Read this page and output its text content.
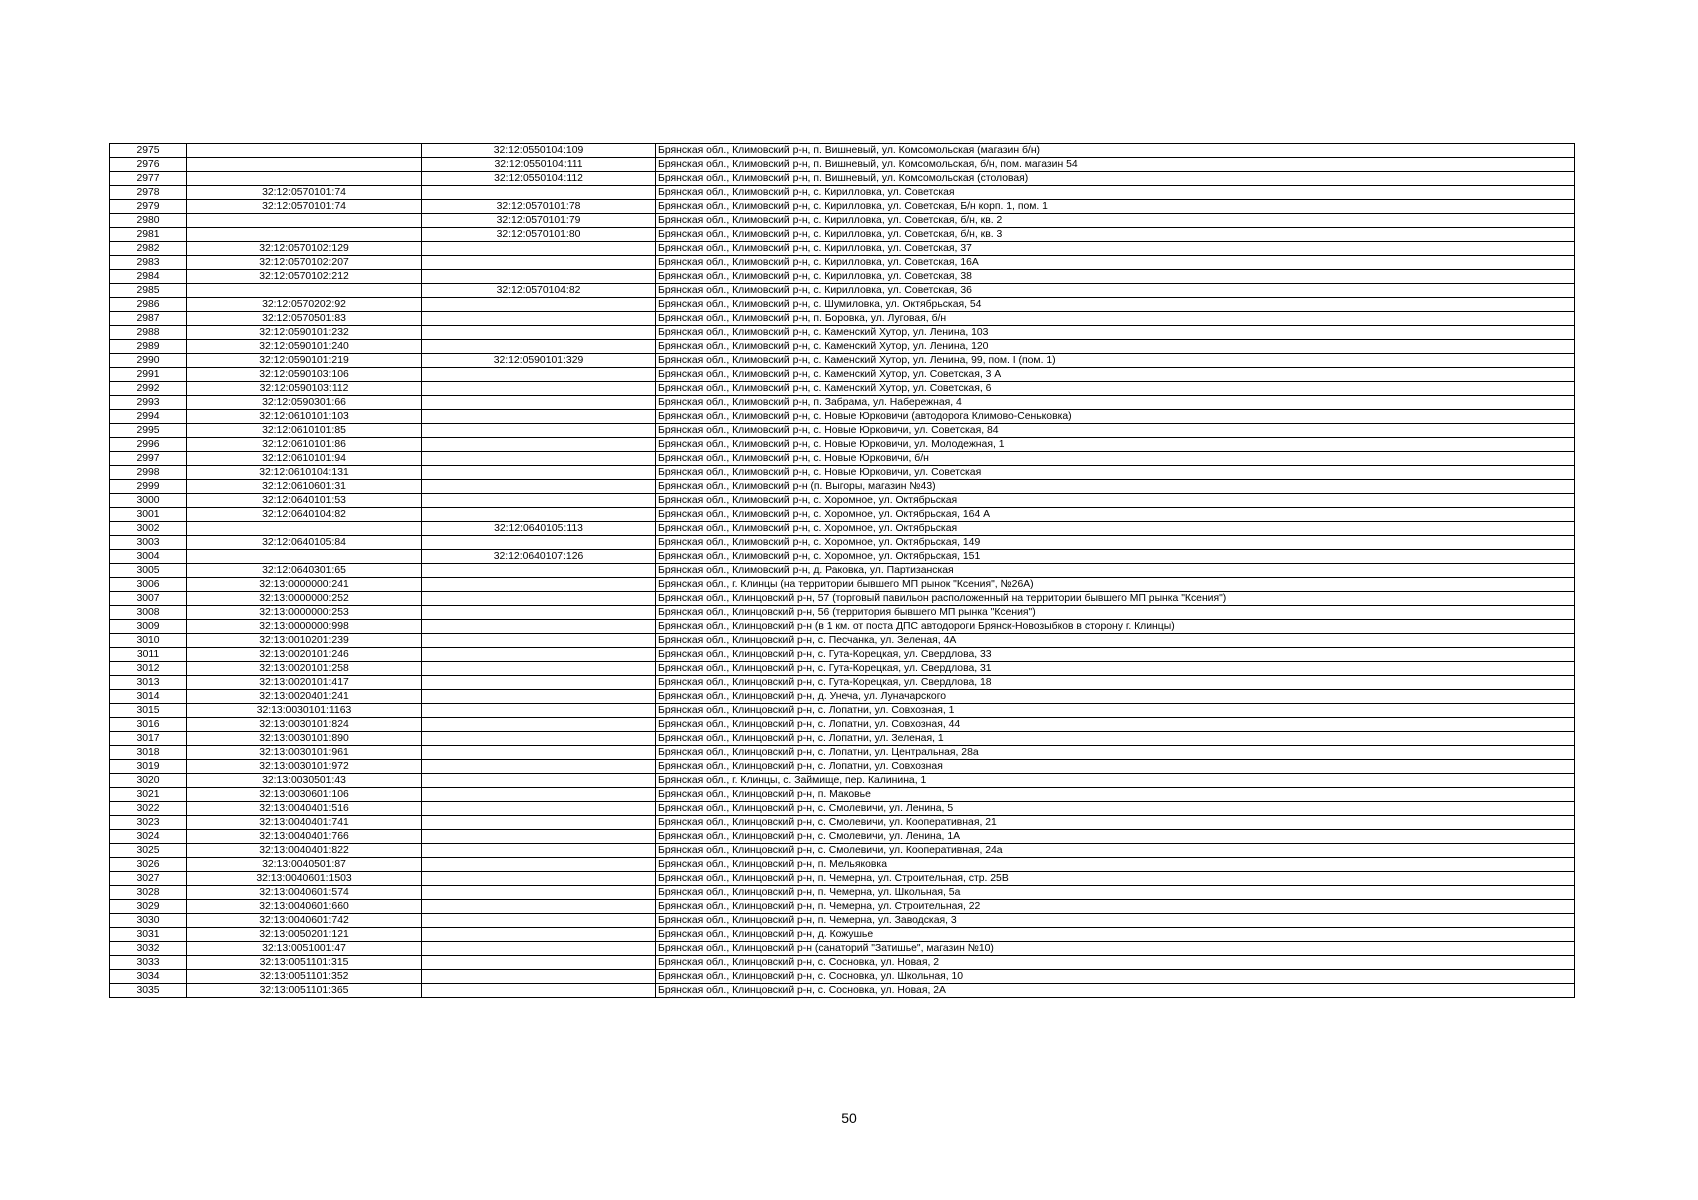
2975		32:12:0550104:109	Брянская обл., Климовский р-н, п. Вишневый, ул. Комсомольская (магазин б/н)
2976		32:12:0550104:111	Брянская обл., Климовский р-н, п. Вишневый, ул. Комсомольская, б/н, пом. магазин 54
2977		32:12:0550104:112	Брянская обл., Климовский р-н, п. Вишневый, ул. Комсомольская (столовая)
2978	32:12:0570101:74		Брянская обл., Климовский р-н, с. Кирилловка, ул. Советская
2979	32:12:0570101:74	32:12:0570101:78	Брянская обл., Климовский р-н, с. Кирилловка, ул. Советская, Б/н корп. 1, пом. 1
2980		32:12:0570101:79	Брянская обл., Климовский р-н, с. Кирилловка, ул. Советская, б/н, кв. 2
2981		32:12:0570101:80	Брянская обл., Климовский р-н, с. Кирилловка, ул. Советская, б/н, кв. 3
2982	32:12:0570102:129		Брянская обл., Климовский р-н, с. Кирилловка, ул. Советская, 37
2983	32:12:0570102:207		Брянская обл., Климовский р-н, с. Кирилловка, ул. Советская, 16А
2984	32:12:0570102:212		Брянская обл., Климовский р-н, с. Кирилловка, ул. Советская, 38
2985		32:12:0570104:82	Брянская обл., Климовский р-н, с. Кирилловка, ул. Советская, 36
2986	32:12:0570202:92		Брянская обл., Климовский р-н, с. Шумиловка, ул. Октябрьская, 54
2987	32:12:0570501:83		Брянская обл., Климовский р-н, п. Боровка, ул. Луговая, б/н
2988	32:12:0590101:232		Брянская обл., Климовский р-н, с. Каменский Хутор, ул. Ленина, 103
2989	32:12:0590101:240		Брянская обл., Климовский р-н, с. Каменский Хутор, ул. Ленина, 120
2990	32:12:0590101:219	32:12:0590101:329	Брянская обл., Климовский р-н, с. Каменский Хутор, ул. Ленина, 99, пом. I (пом. 1)
2991	32:12:0590103:106		Брянская обл., Климовский р-н, с. Каменский Хутор, ул. Советская, 3 А
2992	32:12:0590103:112		Брянская обл., Климовский р-н, с. Каменский Хутор, ул. Советская, 6
2993	32:12:0590301:66		Брянская обл., Климовский р-н, п. Забрама, ул. Набережная, 4
2994	32:12:0610101:103		Брянская обл., Климовский р-н, с. Новые Юрковичи (автодорога Климово-Сеньковка)
2995	32:12:0610101:85		Брянская обл., Климовский р-н, с. Новые Юрковичи, ул. Советская, 84
2996	32:12:0610101:86		Брянская обл., Климовский р-н, с. Новые Юрковичи, ул. Молодежная, 1
2997	32:12:0610101:94		Брянская обл., Климовский р-н, с. Новые Юрковичи, б/н
2998	32:12:0610104:131		Брянская обл., Климовский р-н, с. Новые Юрковичи, ул. Советская
2999	32:12:0610601:31		Брянская обл., Климовский р-н (п. Выгоры, магазин №43)
3000	32:12:0640101:53		Брянская обл., Климовский р-н, с. Хоромное, ул. Октябрьская
3001	32:12:0640104:82		Брянская обл., Климовский р-н, с. Хоромное, ул. Октябрьская, 164 А
3002		32:12:0640105:113	Брянская обл., Климовский р-н, с. Хоромное, ул. Октябрьская
3003	32:12:0640105:84		Брянская обл., Климовский р-н, с. Хоромное, ул. Октябрьская, 149
3004		32:12:0640107:126	Брянская обл., Климовский р-н, с. Хоромное, ул. Октябрьская, 151
3005	32:12:0640301:65		Брянская обл., Климовский р-н, д. Раковка, ул. Партизанская
3006	32:13:0000000:241		Брянская обл., г. Клинцы (на территории бывшего МП рынок "Ксения", №26А)
3007	32:13:0000000:252		Брянская обл., Клинцовский р-н, 57 (торговый павильон расположенный на территории бывшего МП рынка "Ксения")
3008	32:13:0000000:253		Брянская обл., Клинцовский р-н, 56 (территория бывшего МП рынка "Ксения")
3009	32:13:0000000:998		Брянская обл., Клинцовский р-н (в 1 км. от поста ДПС автодороги Брянск-Новозыбков в сторону г. Клинцы)
3010	32:13:0010201:239		Брянская обл., Клинцовский р-н, с. Песчанка, ул. Зеленая, 4А
3011	32:13:0020101:246		Брянская обл., Клинцовский р-н, с. Гута-Корецкая, ул. Свердлова, 33
3012	32:13:0020101:258		Брянская обл., Клинцовский р-н, с. Гута-Корецкая, ул. Свердлова, 31
3013	32:13:0020101:417		Брянская обл., Клинцовский р-н, с. Гута-Корецкая, ул. Свердлова, 18
3014	32:13:0020401:241		Брянская обл., Клинцовский р-н, д. Унеча, ул. Луначарского
3015	32:13:0030101:1163		Брянская обл., Клинцовский р-н, с. Лопатни, ул. Совхозная, 1
3016	32:13:0030101:824		Брянская обл., Клинцовский р-н, с. Лопатни, ул. Совхозная, 44
3017	32:13:0030101:890		Брянская обл., Клинцовский р-н, с. Лопатни, ул. Зеленая, 1
3018	32:13:0030101:961		Брянская обл., Клинцовский р-н, с. Лопатни, ул. Центральная, 28а
3019	32:13:0030101:972		Брянская обл., Клинцовский р-н, с. Лопатни, ул. Совхозная
3020	32:13:0030501:43		Брянская обл., г. Клинцы, с. Займище, пер. Калинина, 1
3021	32:13:0030601:106		Брянская обл., Клинцовский р-н, п. Маковье
3022	32:13:0040401:516		Брянская обл., Клинцовский р-н, с. Смолевичи, ул. Ленина, 5
3023	32:13:0040401:741		Брянская обл., Клинцовский р-н, с. Смолевичи, ул. Кооперативная, 21
3024	32:13:0040401:766		Брянская обл., Клинцовский р-н, с. Смолевичи, ул. Ленина, 1А
3025	32:13:0040401:822		Брянская обл., Клинцовский р-н, с. Смолевичи, ул. Кооперативная, 24а
3026	32:13:0040501:87		Брянская обл., Клинцовский р-н, п. Мельяковка
3027	32:13:0040601:1503		Брянская обл., Клинцовский р-н, п. Чемерна, ул. Строительная, стр. 25В
3028	32:13:0040601:574		Брянская обл., Клинцовский р-н, п. Чемерна, ул. Школьная, 5а
3029	32:13:0040601:660		Брянская обл., Клинцовский р-н, п. Чемерна, ул. Строительная, 22
3030	32:13:0040601:742		Брянская обл., Клинцовский р-н, п. Чемерна, ул. Заводская, 3
3031	32:13:0050201:121		Брянская обл., Клинцовский р-н, д. Кожушье
3032	32:13:0051001:47		Брянская обл., Клинцовский р-н (санаторий "Затишье", магазин №10)
3033	32:13:0051101:315		Брянская обл., Клинцовский р-н, с. Сосновка, ул. Новая, 2
3034	32:13:0051101:352		Брянская обл., Клинцовский р-н, с. Сосновка, ул. Школьная, 10
3035	32:13:0051101:365		Брянская обл., Клинцовский р-н, с. Сосновка, ул. Новая, 2А
50
